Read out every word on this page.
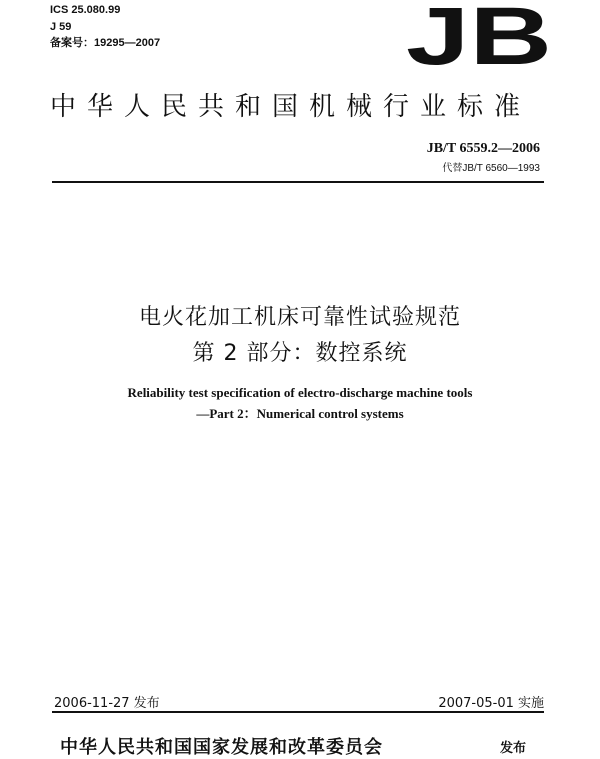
ICS 25.080.99
J 59
备案号：19295—2007	JB
中华人民共和国机械行业标准
JB/T 6559.2—2006
代替JB/T 6560—1993
电火花加工机床可靠性试验规范
第 2 部分：数控系统
Reliability test specification of electro-discharge machine tools
—Part 2：Numerical control systems
2006-11-27 发布	2007-05-01 实施
中华人民共和国国家发展和改革委员会	发布
